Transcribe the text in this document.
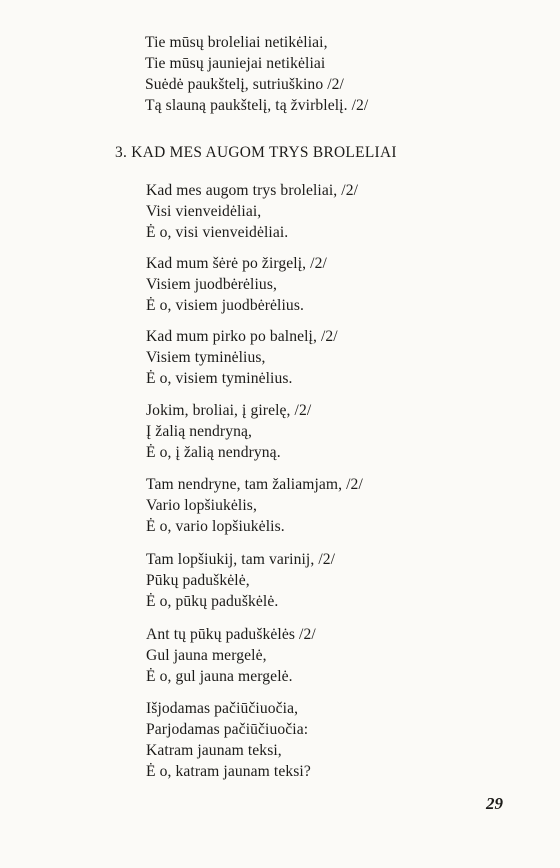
Tie mūsų broleliai netikėliai,
Tie mūsų jauniejai netikėliai
Suėdė paukštelį, sutriuškino /2/
Tą slauną paukštelį, tą žvirblelį. /2/
3. KAD MES AUGOM TRYS BROLELIAI
Kad mes augom trys broleliai, /2/
Visi vienveidėliai,
Ė o, visi vienveidėliai.
Kad mum šėrė po žirgelį, /2/
Visiem juodbėrėlius,
Ė o, visiem juodbėrėlius.
Kad mum pirko po balnelį, /2/
Visiem tyminėlius,
Ė o, visiem tyminėlius.
Jokim, broliai, į girelę, /2/
Į žalią nendryną,
Ė o, į žalią nendryną.
Tam nendryne, tam žaliamjam, /2/
Vario lopšiukėlis,
Ė o, vario lopšiukėlis.
Tam lopšiukij, tam varinij, /2/
Pūkų paduškėlė,
Ė o, pūkų paduškėlė.
Ant tų pūkų paduškėlės /2/
Gul jauna mergelė,
Ė o, gul jauna mergelė.
Išjodamas pačiūčiuočia,
Parjodamas pačiūčiuočia:
Katram jaunam teksi,
Ė o, katram jaunam teksi?
29
